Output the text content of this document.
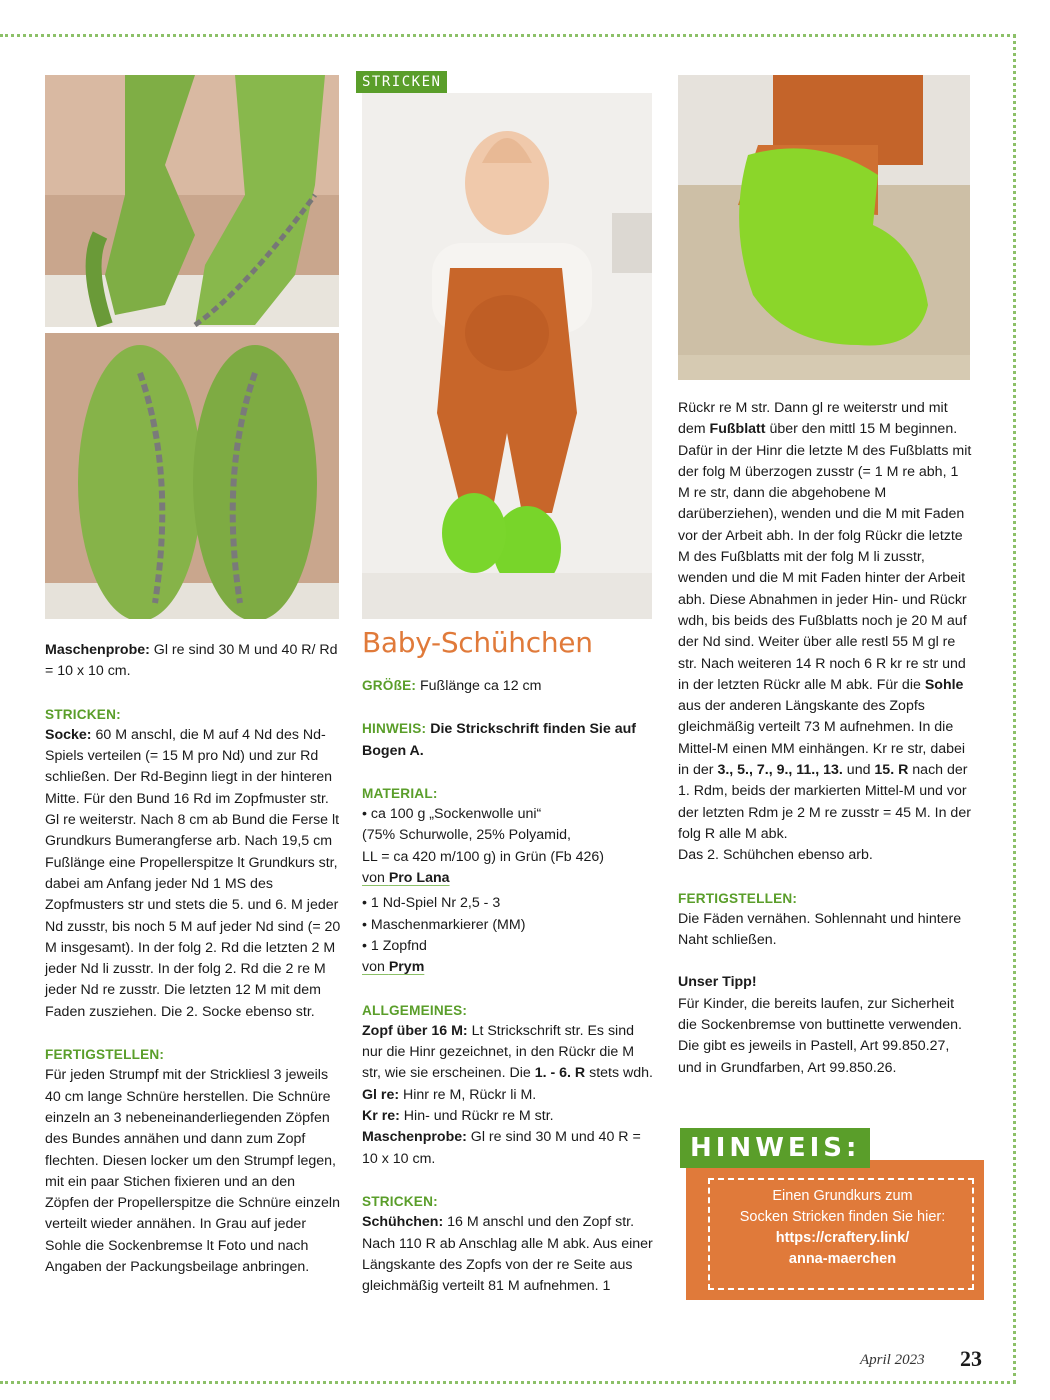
STRICKEN

Maschenprobe: Gl re sind 30 M und 40 R/ Rd = 10 x 10 cm.

STRICKEN:

Socke: 60 M anschl, die M auf 4 Nd des Nd-Spiels verteilen (= 15 M pro Nd) und zur Rd schließen. Der Rd-Beginn liegt in der hinteren Mitte. Für den Bund 16 Rd im Zopfmuster str. Gl re weiterstr. Nach 8 cm ab Bund die Ferse lt Grundkurs Bumerangferse arb. Nach 19,5 cm Fußlänge eine Propellerspitze lt Grundkurs str, dabei am Anfang jeder Nd 1 MS des Zopfmusters str und stets die 5. und 6. M jeder Nd zusstr, bis noch 5 M auf jeder Nd sind (= 20 M insgesamt). In der folg 2. Rd die letzten 2 M jeder Nd li zusstr. In der folg 2. Rd die 2 re M jeder Nd re zusstr. Die letzten 12 M mit dem Faden zusziehen. Die 2. Socke ebenso str.

FERTIGSTELLEN:

Für jeden Strumpf mit der Strickliesl 3 jeweils 40 cm lange Schnüre herstellen. Die Schnüre einzeln an 3 nebeneinanderliegenden Zöpfen des Bundes annähen und dann zum Zopf flechten. Diesen locker um den Strumpf legen, mit ein paar Stichen fixieren und an den Zöpfen der Propellerspitze die Schnüre einzeln verteilt wieder annähen. In Grau auf jeder Sohle die Sockenbremse lt Foto und nach Angaben der Packungsbeilage anbringen.

Baby-Schühchen

GRÖßE: Fußlänge ca 12 cm

HINWEIS: Die Strickschrift finden Sie auf Bogen A.

MATERIAL:

• ca 100 g „Sockenwolle uni“

(75% Schurwolle, 25% Polyamid,

LL = ca 420 m/100 g) in Grün (Fb 426)

von Pro Lana

• 1 Nd-Spiel Nr 2,5 - 3

• Maschenmarkierer (MM)

• 1 Zopfnd

von Prym

ALLGEMEINES:

Zopf über 16 M: Lt Strickschrift str. Es sind nur die Hinr gezeichnet, in den Rückr die M str, wie sie erscheinen. Die 1. - 6. R stets wdh.

Gl re: Hinr re M, Rückr li M.

Kr re: Hin- und Rückr re M str.

Maschenprobe: Gl re sind 30 M und 40 R = 10 x 10 cm.

STRICKEN:

Schühchen: 16 M anschl und den Zopf str. Nach 110 R ab Anschlag alle M abk. Aus einer Längskante des Zopfs von der re Seite aus gleichmäßig verteilt 81 M aufnehmen. 1

Rückr re M str. Dann gl re weiterstr und mit dem Fußblatt über den mittl 15 M beginnen. Dafür in der Hinr die letzte M des Fußblatts mit der folg M überzogen zusstr (= 1 M re abh, 1 M re str, dann die abgehobene M darüberziehen), wenden und die M mit Faden vor der Arbeit abh. In der folg Rückr die letzte M des Fußblatts mit der folg M li zusstr, wenden und die M mit Faden hinter der Arbeit abh. Diese Abnahmen in jeder Hin- und Rückr wdh, bis beids des Fußblatts noch je 20 M auf der Nd sind. Weiter über alle restl 55 M gl re str. Nach weiteren 14 R noch 6 R kr re str und in der letzten Rückr alle M abk. Für die Sohle aus der anderen Längskante des Zopfs gleichmäßig verteilt 73 M aufnehmen. In die Mittel-M einen MM einhängen. Kr re str, dabei in der 3., 5., 7., 9., 11., 13. und 15. R nach der 1. Rdm, beids der markierten Mittel-M und vor der letzten Rdm je 2 M re zusstr = 45 M. In der folg R alle M abk.

Das 2. Schühchen ebenso arb.

FERTIGSTELLEN:

Die Fäden vernähen. Sohlennaht und hintere Naht schließen.

Unser Tipp!

Für Kinder, die bereits laufen, zur Sicherheit die Sockenbremse von buttinette verwenden. Die gibt es jeweils in Pastell, Art 99.850.27, und in Grundfarben, Art 99.850.26.

HINWEIS:
Einen Grundkurs zum
Socken Stricken finden Sie hier:
https://craftery.link/
anna-maerchen
April 2023 23
